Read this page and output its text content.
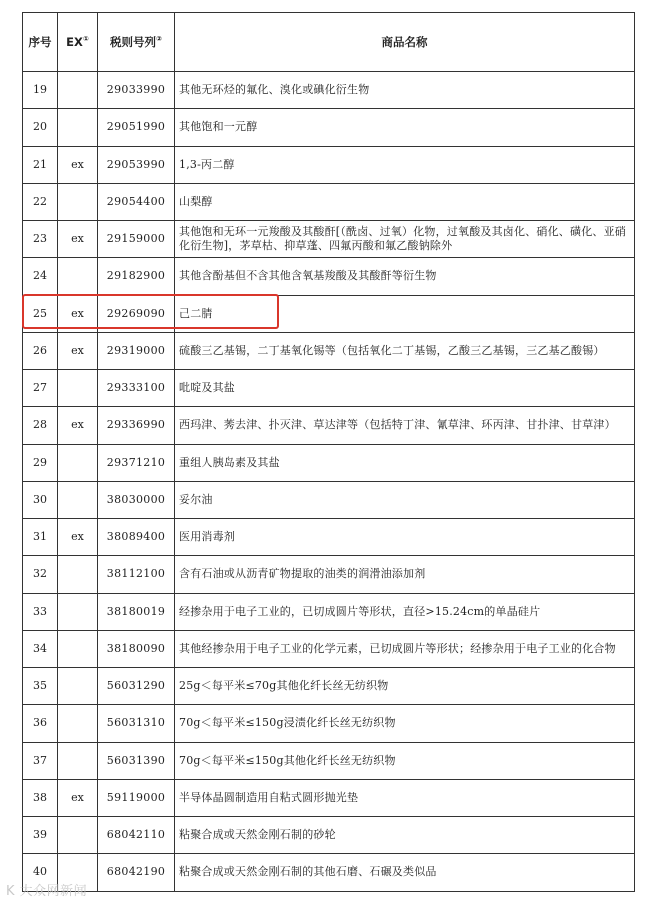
序号	EX①	税则号列②	商品名称
19		29033990	其他无环烃的氟化、溴化或碘化衍生物
20		29051990	其他饱和一元醇
21	ex	29053990	1,3-丙二醇
22		29054400	山梨醇
23	ex	29159000	其他饱和无环一元羧酸及其酸酐[（酰卤、过氧）化物，过氧酸及其卤化、硝化、磺化、亚硝化衍生物]，茅草枯、抑草蓬、四氟丙酸和氟乙酸钠除外
24		29182900	其他含酚基但不含其他含氧基羧酸及其酸酐等衍生物
25	ex	29269090	己二腈
26	ex	29319000	硫酸三乙基锡，二丁基氧化锡等（包括氧化二丁基锡，乙酸三乙基锡，三乙基乙酸锡）
27		29333100	吡啶及其盐
28	ex	29336990	西玛津、莠去津、扑灭津、草达津等（包括特丁津、氰草津、环丙津、甘扑津、甘草津）
29		29371210	重组人胰岛素及其盐
30		38030000	妥尔油
31	ex	38089400	医用消毒剂
32		38112100	含有石油或从沥青矿物提取的油类的润滑油添加剂
33		38180019	经掺杂用于电子工业的，已切成圆片等形状，直径>15.24cm的单晶硅片
34		38180090	其他经掺杂用于电子工业的化学元素，已切成圆片等形状；经掺杂用于电子工业的化合物
35		56031290	25g＜每平米≤70g其他化纤长丝无纺织物
36		56031310	70g＜每平米≤150g浸渍化纤长丝无纺织物
37		56031390	70g＜每平米≤150g其他化纤长丝无纺织物
38	ex	59119000	半导体晶圆制造用自粘式圆形抛光垫
39		68042110	粘聚合成或天然金刚石制的砂轮
40		68042190	粘聚合成或天然金刚石制的其他石磨、石碾及类似品
K 大众网新闻
